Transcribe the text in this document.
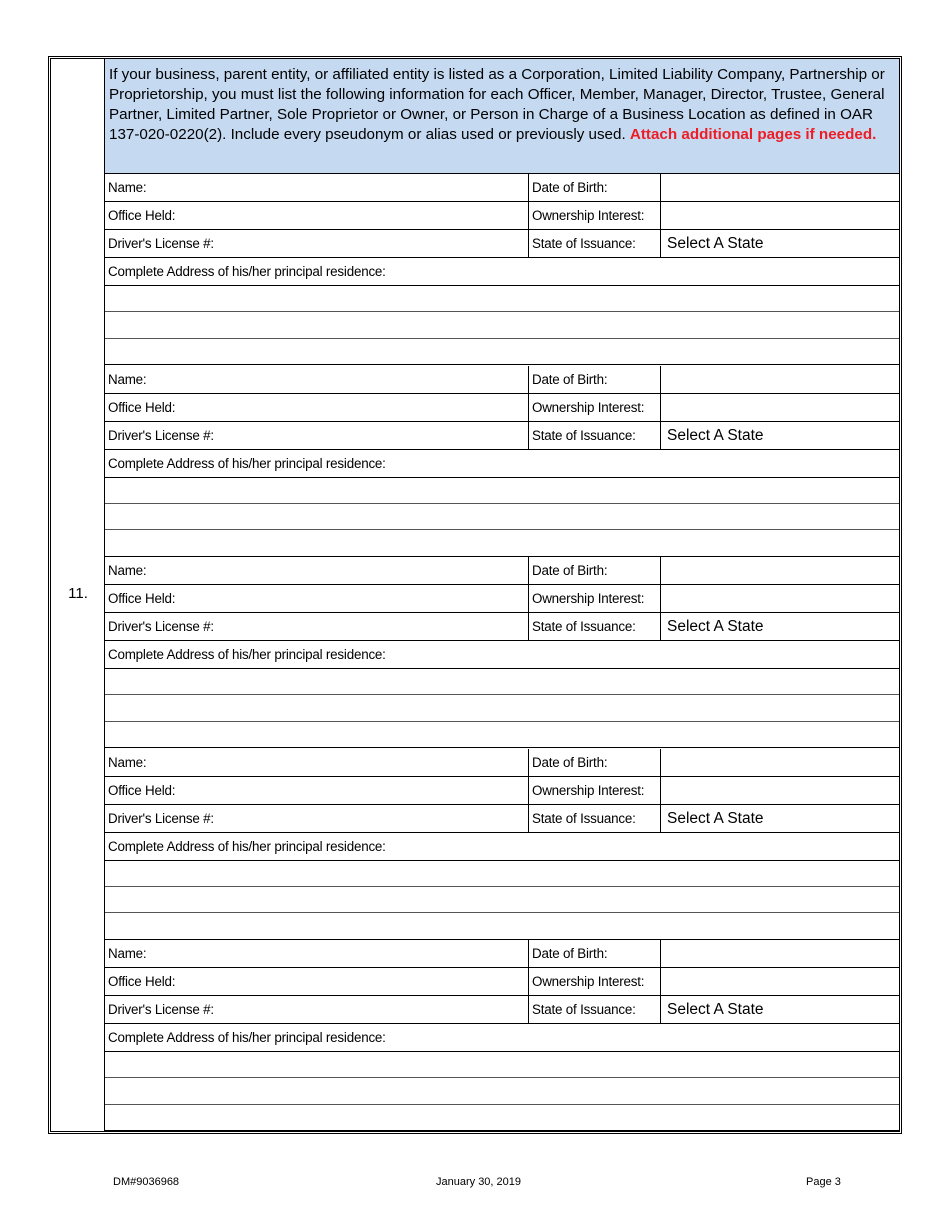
11.
If your business, parent entity, or affiliated entity is listed as a Corporation, Limited Liability Company, Partnership or Proprietorship, you must list the following information for each Officer, Member, Manager, Director, Trustee, General Partner, Limited Partner, Sole Proprietor or Owner, or Person in Charge of a Business Location as defined in OAR 137-020-0220(2). Include every pseudonym or alias used or previously used. Attach additional pages if needed.
Name:	Date of Birth:
Office Held:	Ownership Interest:
Driver's License #:	State of Issuance:	Select A State
Complete Address of his/her principal residence:
Name:	Date of Birth:
Office Held:	Ownership Interest:
Driver's License #:	State of Issuance:	Select A State
Complete Address of his/her principal residence:
Name:	Date of Birth:
Office Held:	Ownership Interest:
Driver's License #:	State of Issuance:	Select A State
Complete Address of his/her principal residence:
Name:	Date of Birth:
Office Held:	Ownership Interest:
Driver's License #:	State of Issuance:	Select A State
Complete Address of his/her principal residence:
Name:	Date of Birth:
Office Held:	Ownership Interest:
Driver's License #:	State of Issuance:	Select A State
Complete Address of his/her principal residence:
DM#9036968	January 30, 2019	Page 3
